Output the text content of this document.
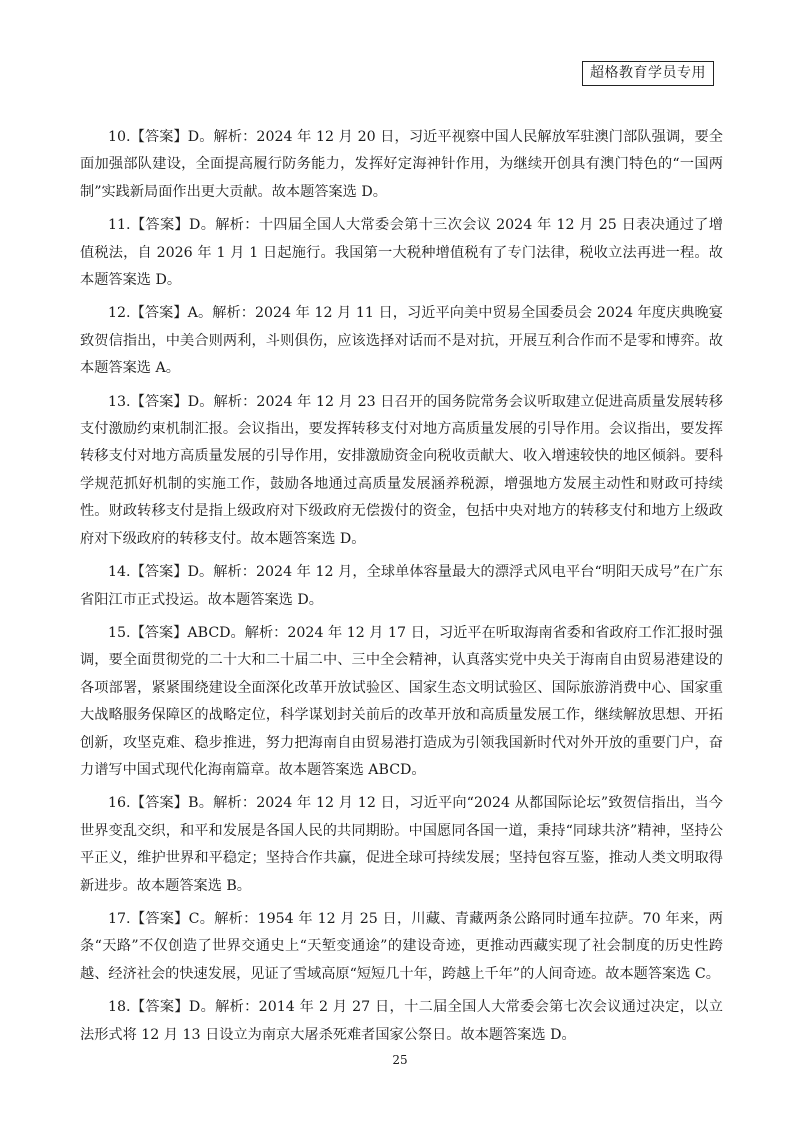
超格教育学员专用

10.【答案】D。解析：2024 年 12 月 20 日，习近平视察中国人民解放军驻澳门部队强调，要全面加强部队建设，全面提高履行防务能力，发挥好定海神针作用，为继续开创具有澳门特色的“一国两制”实践新局面作出更大贡献。故本题答案选 D。

11.【答案】D。解析：十四届全国人大常委会第十三次会议 2024 年 12 月 25 日表决通过了增值税法，自 2026 年 1 月 1 日起施行。我国第一大税种增值税有了专门法律，税收立法再进一程。故本题答案选 D。

12.【答案】A。解析：2024 年 12 月 11 日，习近平向美中贸易全国委员会 2024 年度庆典晚宴致贺信指出，中美合则两利，斗则俱伤，应该选择对话而不是对抗，开展互利合作而不是零和博弈。故本题答案选 A。

13.【答案】D。解析：2024 年 12 月 23 日召开的国务院常务会议听取建立促进高质量发展转移支付激励约束机制汇报。会议指出，要发挥转移支付对地方高质量发展的引导作用。会议指出，要发挥转移支付对地方高质量发展的引导作用，安排激励资金向税收贡献大、收入增速较快的地区倾斜。要科学规范抓好机制的实施工作，鼓励各地通过高质量发展涵养税源，增强地方发展主动性和财政可持续性。财政转移支付是指上级政府对下级政府无偿拨付的资金，包括中央对地方的转移支付和地方上级政府对下级政府的转移支付。故本题答案选 D。

14.【答案】D。解析：2024 年 12 月，全球单体容量最大的漂浮式风电平台“明阳天成号”在广东省阳江市正式投运。故本题答案选 D。

15.【答案】ABCD。解析：2024 年 12 月 17 日，习近平在听取海南省委和省政府工作汇报时强调，要全面贯彻党的二十大和二十届二中、三中全会精神，认真落实党中央关于海南自由贸易港建设的各项部署，紧紧围绕建设全面深化改革开放试验区、国家生态文明试验区、国际旅游消费中心、国家重大战略服务保障区的战略定位，科学谋划封关前后的改革开放和高质量发展工作，继续解放思想、开拓创新，攻坚克难、稳步推进，努力把海南自由贸易港打造成为引领我国新时代对外开放的重要门户，奋力谱写中国式现代化海南篇章。故本题答案选 ABCD。

16.【答案】B。解析：2024 年 12 月 12 日，习近平向“2024 从都国际论坛”致贺信指出，当今世界变乱交织，和平和发展是各国人民的共同期盼。中国愿同各国一道，秉持“同球共济”精神，坚持公平正义，维护世界和平稳定；坚持合作共赢，促进全球可持续发展；坚持包容互鉴，推动人类文明取得新进步。故本题答案选 B。

17.【答案】C。解析：1954 年 12 月 25 日，川藏、青藏两条公路同时通车拉萨。70 年来，两条“天路”不仅创造了世界交通史上“天堑变通途”的建设奇迹，更推动西藏实现了社会制度的历史性跨越、经济社会的快速发展，见证了雪域高原“短短几十年，跨越上千年”的人间奇迹。故本题答案选 C。

18.【答案】D。解析：2014 年 2 月 27 日，十二届全国人大常委会第七次会议通过决定，以立法形式将 12 月 13 日设立为南京大屠杀死难者国家公祭日。故本题答案选 D。

25
